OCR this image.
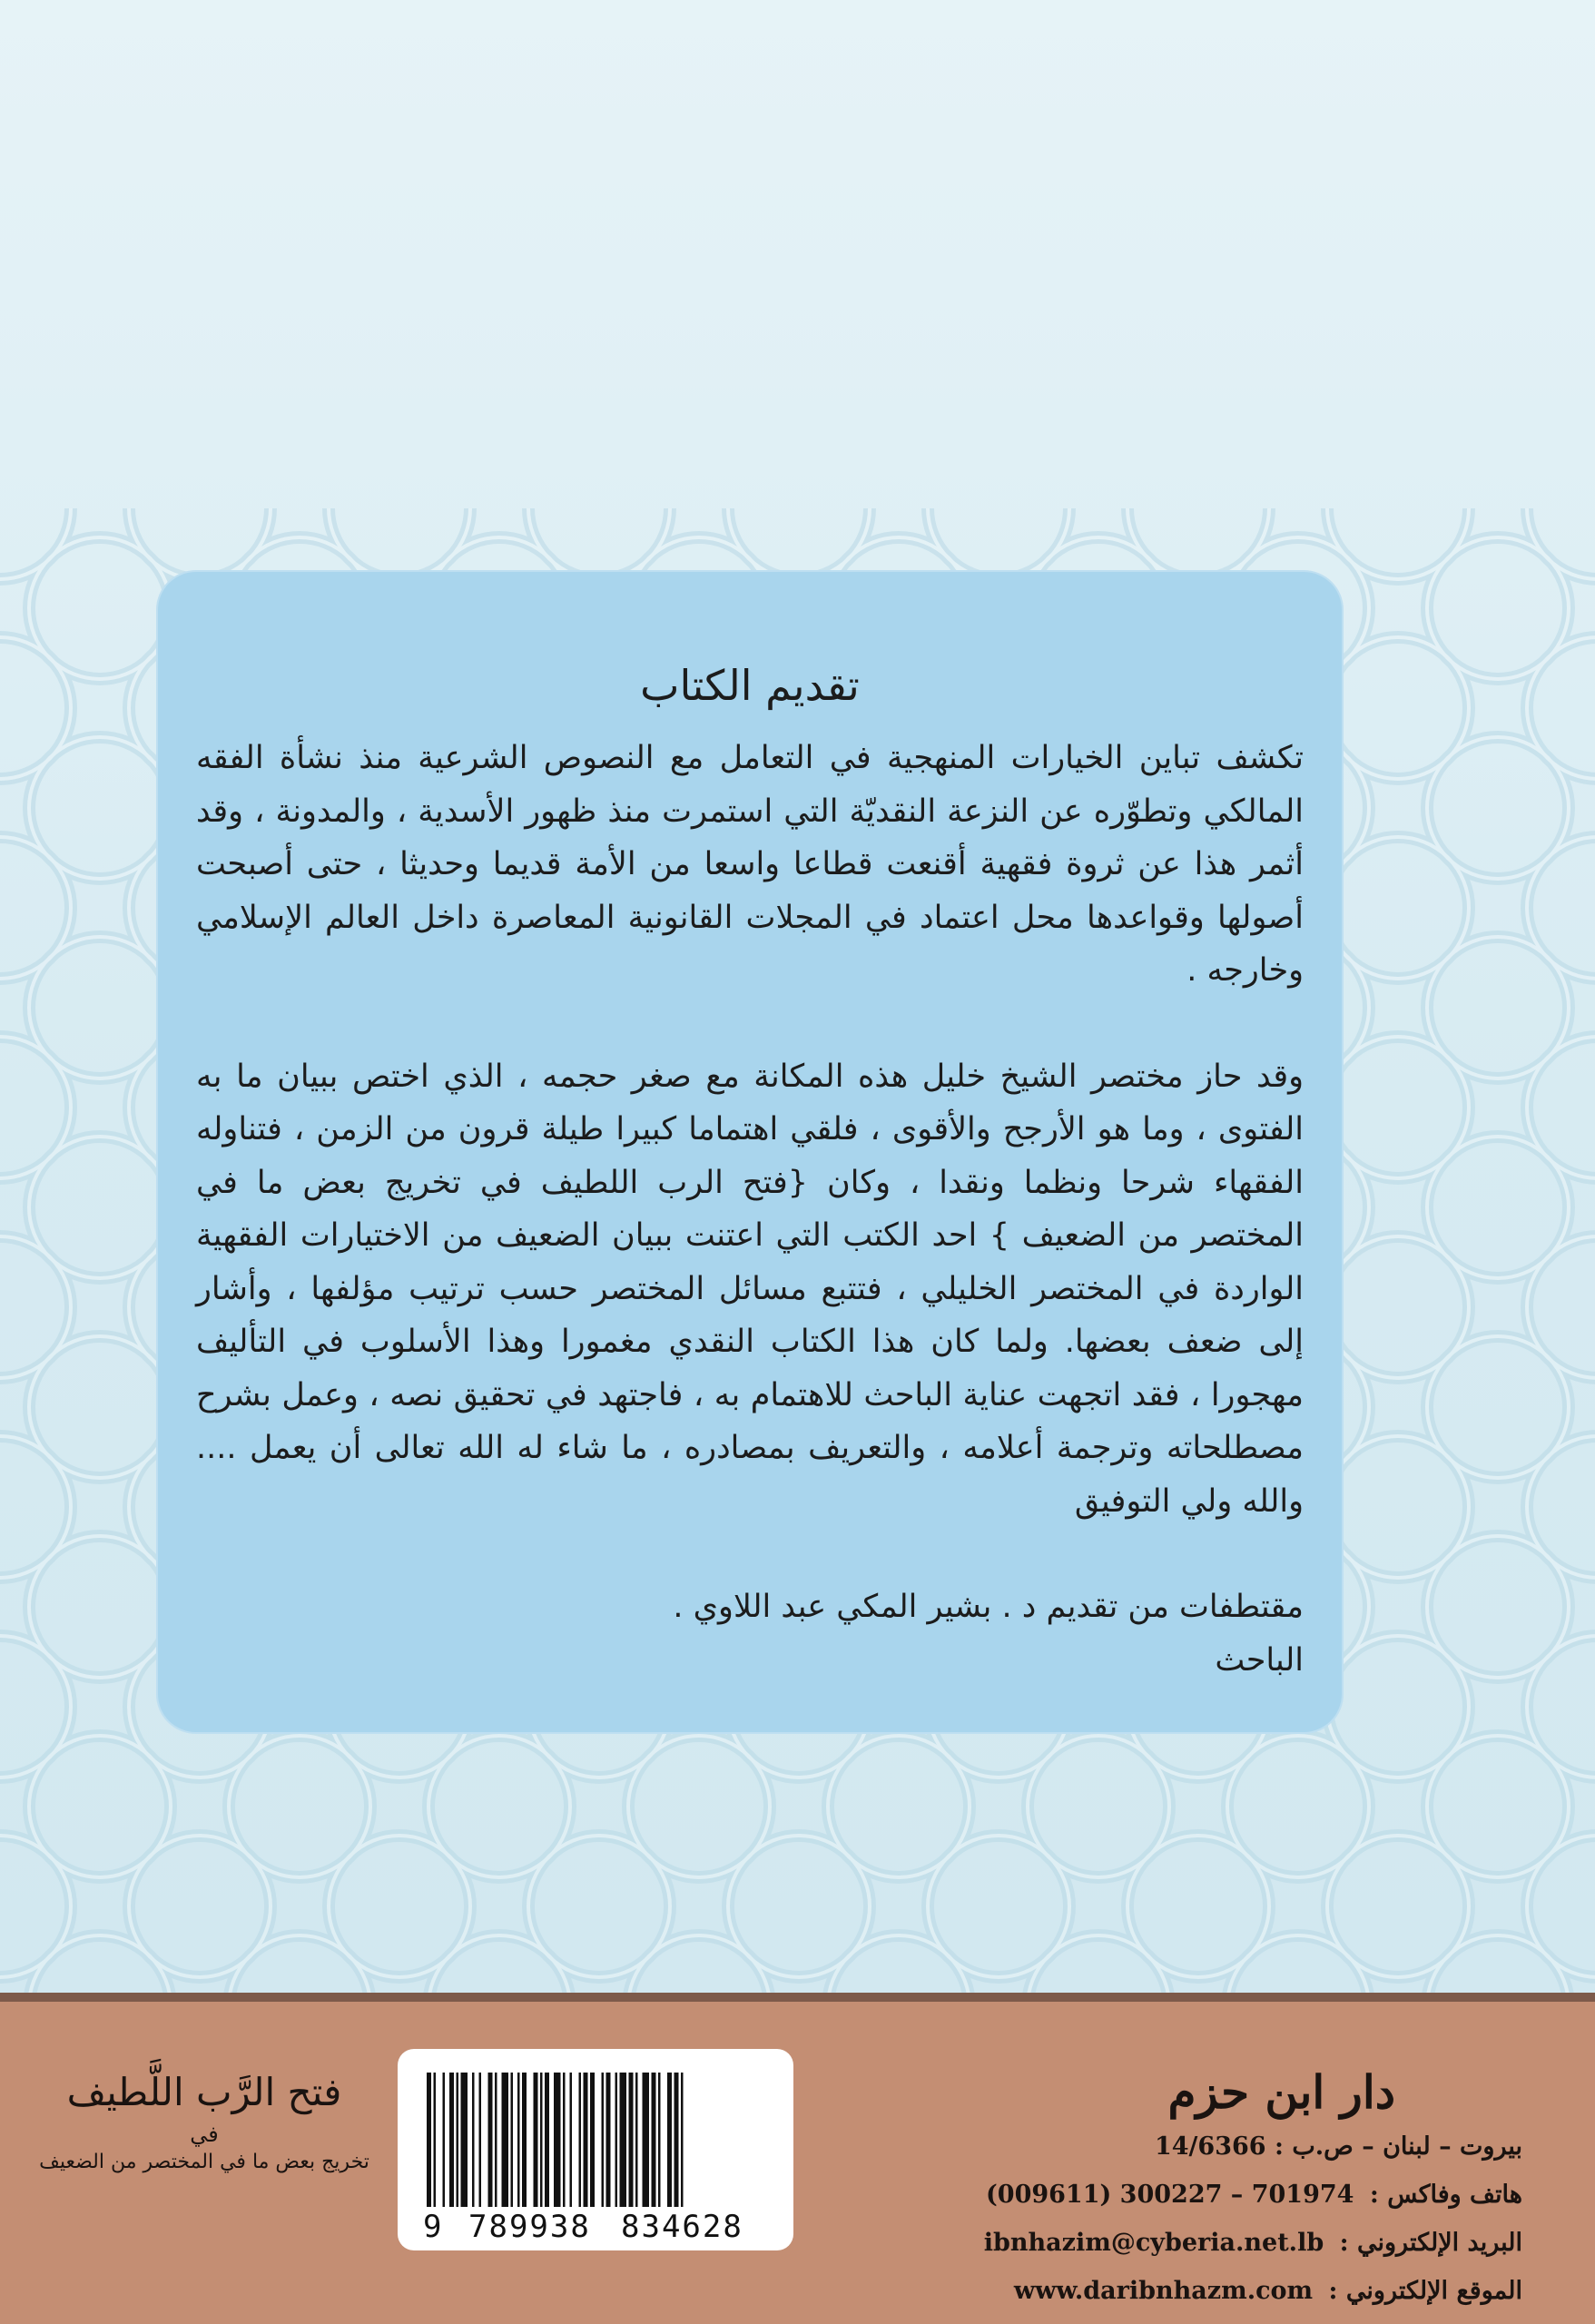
تقديم الكتاب

تكشف تباين الخيارات المنهجية في التعامل مع النصوص الشرعية منذ نشأة الفقه المالكي وتطوّره عن النزعة النقديّة التي استمرت منذ ظهور الأسدية ، والمدونة ، وقد أثمر هذا عن ثروة فقهية أقنعت قطاعا واسعا من الأمة قديما وحديثا ، حتى أصبحت أصولها وقواعدها محل اعتماد في المجلات القانونية المعاصرة داخل العالم الإسلامي وخارجه .

وقد حاز مختصر الشيخ خليل هذه المكانة مع صغر حجمه ، الذي اختص ببيان ما به الفتوى ، وما هو الأرجح والأقوى ، فلقي اهتماما كبيرا طيلة قرون من الزمن ، فتناوله الفقهاء شرحا ونظما ونقدا ، وكان {فتح الرب اللطيف في تخريج بعض ما في المختصر من الضعيف } احد الكتب التي اعتنت ببيان الضعيف من الاختيارات الفقهية الواردة في المختصر الخليلي ، فتتبع مسائل المختصر حسب ترتيب مؤلفها ، وأشار إلى ضعف بعضها. ولما كان هذا الكتاب النقدي مغمورا وهذا الأسلوب في التأليف مهجورا ، فقد اتجهت عناية الباحث للاهتمام به ، فاجتهد في تحقيق نصه ، وعمل بشرح مصطلحاته وترجمة أعلامه ، والتعريف بمصادره ، ما شاء له الله تعالى أن يعمل .... والله ولي التوفيق

مقتطفات من تقديم د . بشير المكي عبد اللاوي .

الباحث

دار ابن حزم
بيروت – لبنان – ص.ب : 14/6366
هاتف وفاكس : (009611) 300227 – 701974
البريد الإلكتروني : ibnhazim@cyberia.net.lb
الموقع الإلكتروني : www.daribnhazm.com
9 789938 834628
فتح الرَّب اللَّطيف
في
تخريج بعض ما في المختصر من الضعيف
